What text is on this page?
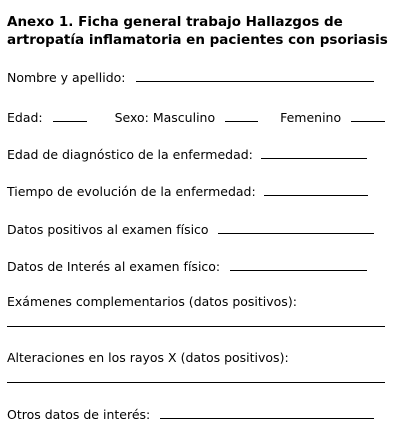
Anexo 1. Ficha general trabajo Hallazgos de
artropatía inflamatoria en pacientes con psoriasis
Nombre y apellido:
Edad:	Sexo: Masculino	Femenino
Edad de diagnóstico de la enfermedad:
Tiempo de evolución de la enfermedad:
Datos positivos al examen físico
Datos de Interés al examen físico:
Exámenes complementarios (datos positivos):
Alteraciones en los rayos X (datos positivos):
Otros datos de interés:
